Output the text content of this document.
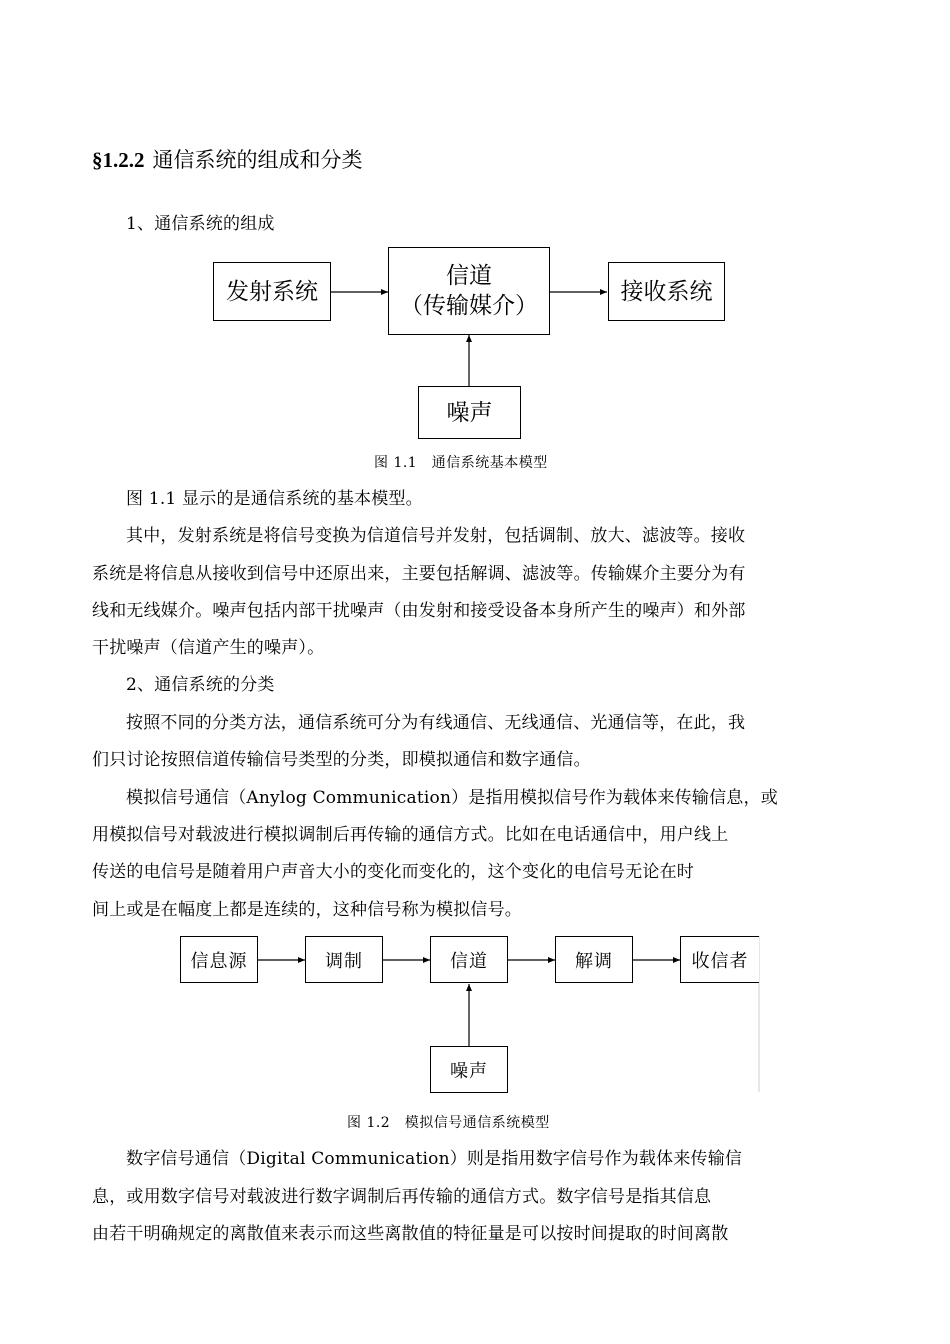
§1.2.2 通信系统的组成和分类
1、通信系统的组成
发射系统
信道
（传输媒介）
接收系统
噪声
图 1.1　通信系统基本模型
图 1.1 显示的是通信系统的基本模型。
其中，发射系统是将信号变换为信道信号并发射，包括调制、放大、滤波等。接收
系统是将信息从接收到信号中还原出来，主要包括解调、滤波等。传输媒介主要分为有
线和无线媒介。噪声包括内部干扰噪声（由发射和接受设备本身所产生的噪声）和外部
干扰噪声（信道产生的噪声）。
2、通信系统的分类
按照不同的分类方法，通信系统可分为有线通信、无线通信、光通信等，在此，我
们只讨论按照信道传输信号类型的分类，即模拟通信和数字通信。
模拟信号通信（Anylog Communication）是指用模拟信号作为载体来传输信息，或
用模拟信号对载波进行模拟调制后再传输的通信方式。比如在电话通信中，用户线上
传送的电信号是随着用户声音大小的变化而变化的，这个变化的电信号无论在时
间上或是在幅度上都是连续的，这种信号称为模拟信号。
信息源	调制	信道	解调	收信者
噪声
图 1.2　模拟信号通信系统模型
数字信号通信（Digital Communication）则是指用数字信号作为载体来传输信
息，或用数字信号对载波进行数字调制后再传输的通信方式。数字信号是指其信息
由若干明确规定的离散值来表示而这些离散值的特征量是可以按时间提取的时间离散
